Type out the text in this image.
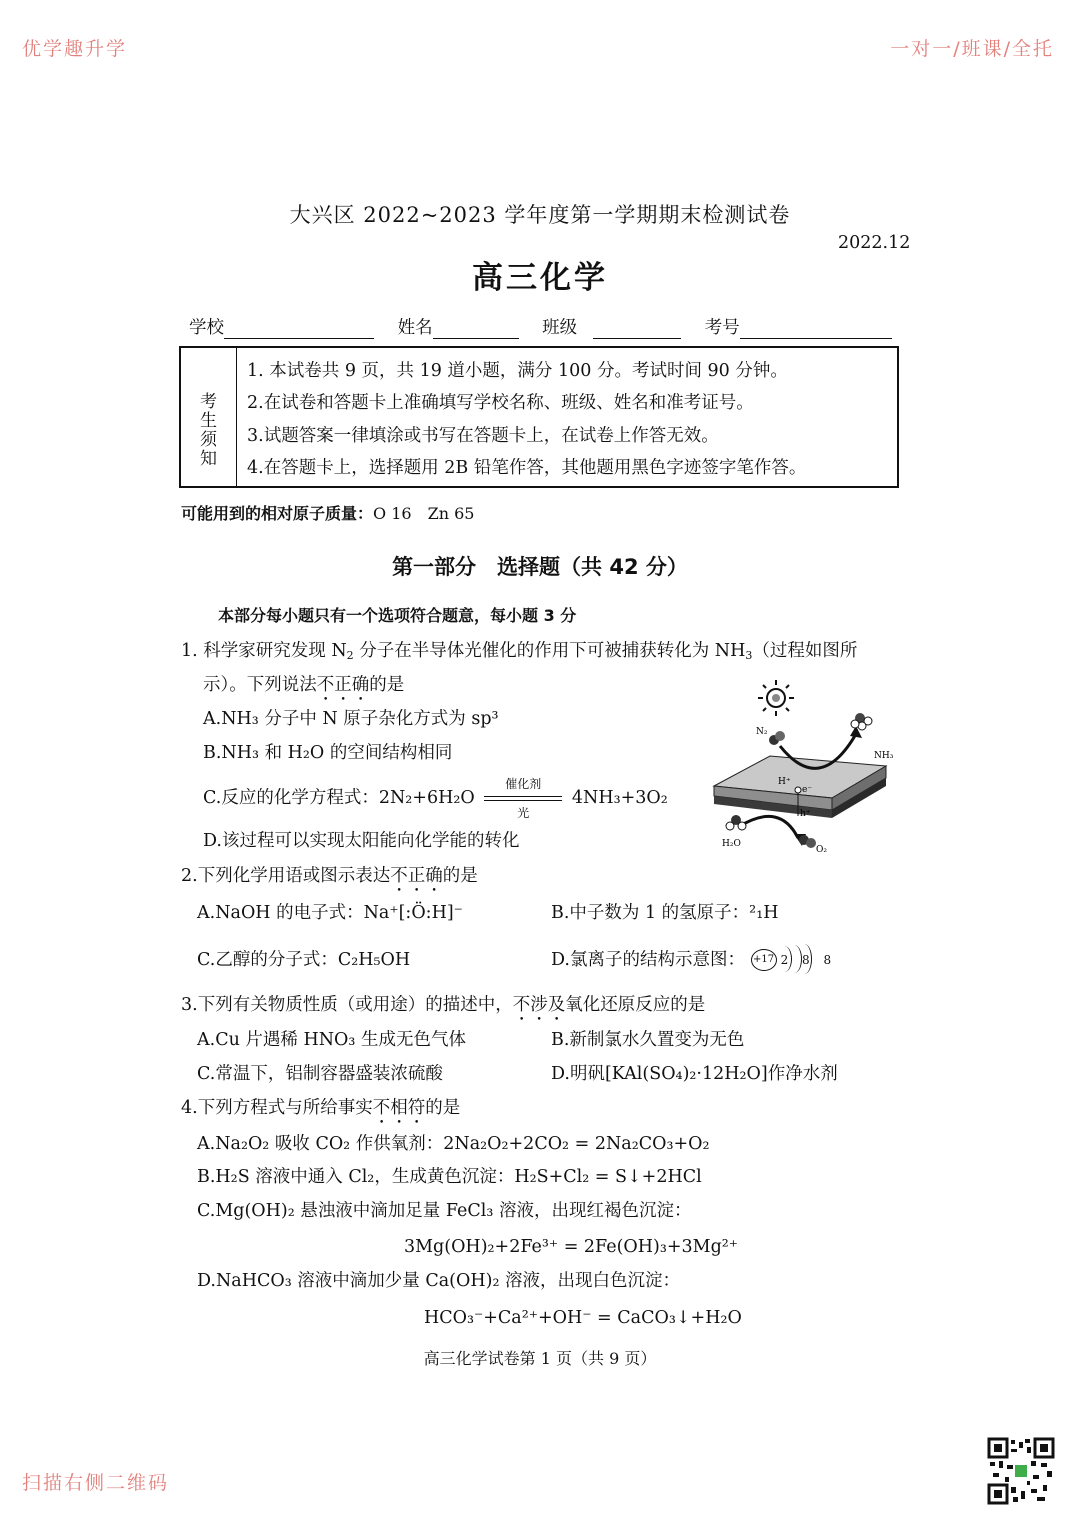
优学趣升学	一对一/班课/全托
扫描右侧二维码
大兴区 2022~2023 学年度第一学期期末检测试卷
2022.12
高三化学
学校	姓名	班级	考号
考生须知
1. 本试卷共 9 页，共 19 道小题，满分 100 分。考试时间 90 分钟。
2.在试卷和答题卡上准确填写学校名称、班级、姓名和准考证号。
3.试题答案一律填涂或书写在答题卡上，在试卷上作答无效。
4.在答题卡上，选择题用 2B 铅笔作答，其他题用黑色字迹签字笔作答。
可能用到的相对原子质量：O 16　Zn 65
第一部分　选择题（共 42 分）
本部分每小题只有一个选项符合题意，每小题 3 分
1. 科学家研究发现 $N_2$ 分子在半导体光催化的作用下可被捕获转化为 $NH_3$（过程如图所
示）。下列说法不正确的是
A.NH₃ 分子中 N 原子杂化方式为 sp³
B.NH₃ 和 H₂O 的空间结构相同
C.反应的化学方程式：2N₂+6H₂O
催化剂
光
4NH₃+3O₂
D.该过程可以实现太阳能向化学能的转化
N₂
NH₃
H⁺
e⁻
h⁺
H₂O
O₂
2.下列化学用语或图示表达不正确的是
A.NaOH 的电子式：Na⁺[:Ö:H]⁻	B.中子数为 1 的氢原子：²₁H
C.乙醇的分子式：C₂H₅OH	D.氯离子的结构示意图： +17 2 8 8
3.下列有关物质性质（或用途）的描述中，不涉及氧化还原反应的是
A.Cu 片遇稀 HNO₃ 生成无色气体	B.新制氯水久置变为无色
C.常温下，铝制容器盛装浓硫酸	D.明矾[KAl(SO₄)₂·12H₂O]作净水剂
4.下列方程式与所给事实不相符的是
A.Na₂O₂ 吸收 CO₂ 作供氧剂：2Na₂O₂+2CO₂ = 2Na₂CO₃+O₂
B.H₂S 溶液中通入 Cl₂，生成黄色沉淀：H₂S+Cl₂ = S↓+2HCl
C.Mg(OH)₂ 悬浊液中滴加足量 FeCl₃ 溶液，出现红褐色沉淀：
3Mg(OH)₂+2Fe³⁺ = 2Fe(OH)₃+3Mg²⁺
D.NaHCO₃ 溶液中滴加少量 Ca(OH)₂ 溶液，出现白色沉淀：
HCO₃⁻+Ca²⁺+OH⁻ = CaCO₃↓+H₂O
高三化学试卷第 1 页（共 9 页）
